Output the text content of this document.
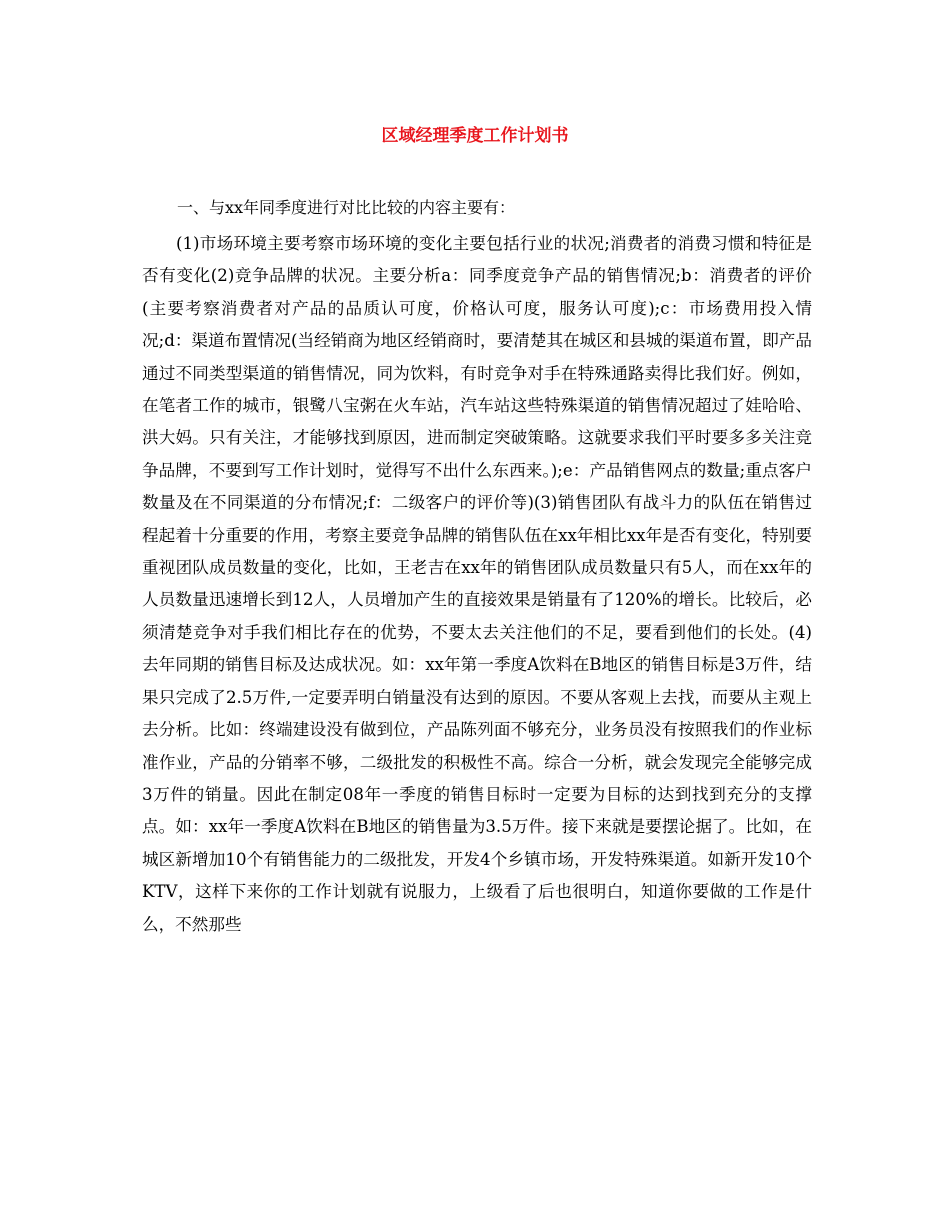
区域经理季度工作计划书
一、与xx年同季度进行对比比较的内容主要有：

(1)市场环境主要考察市场环境的变化主要包括行业的状况;消费者的消费习惯和特征是否有变化(2)竞争品牌的状况。主要分析a：同季度竞争产品的销售情况;b：消费者的评价(主要考察消费者对产品的品质认可度，价格认可度，服务认可度);c：市场费用投入情况;d：渠道布置情况(当经销商为地区经销商时，要清楚其在城区和县城的渠道布置，即产品通过不同类型渠道的销售情况，同为饮料，有时竞争对手在特殊通路卖得比我们好。例如，在笔者工作的城市，银鹭八宝粥在火车站，汽车站这些特殊渠道的销售情况超过了娃哈哈、洪大妈。只有关注，才能够找到原因，进而制定突破策略。这就要求我们平时要多多关注竞争品牌，不要到写工作计划时，觉得写不出什么东西来。);e：产品销售网点的数量;重点客户数量及在不同渠道的分布情况;f：二级客户的评价等)(3)销售团队有战斗力的队伍在销售过程起着十分重要的作用，考察主要竞争品牌的销售队伍在xx年相比xx年是否有变化，特别要重视团队成员数量的变化，比如，王老吉在xx年的销售团队成员数量只有5人，而在xx年的人员数量迅速增长到12人，人员增加产生的直接效果是销量有了120%的增长。比较后，必须清楚竞争对手我们相比存在的优势，不要太去关注他们的不足，要看到他们的长处。(4)去年同期的销售目标及达成状况。如：xx年第一季度A饮料在B地区的销售目标是3万件，结果只完成了2.5万件,一定要弄明白销量没有达到的原因。不要从客观上去找，而要从主观上去分析。比如：终端建设没有做到位，产品陈列面不够充分，业务员没有按照我们的作业标准作业，产品的分销率不够，二级批发的积极性不高。综合一分析，就会发现完全能够完成3万件的销量。因此在制定08年一季度的销售目标时一定要为目标的达到找到充分的支撑点。如：xx年一季度A饮料在B地区的销售量为3.5万件。接下来就是要摆论据了。比如，在城区新增加10个有销售能力的二级批发，开发4个乡镇市场，开发特殊渠道。如新开发10个KTV，这样下来你的工作计划就有说服力，上级看了后也很明白，知道你要做的工作是什么，不然那些
